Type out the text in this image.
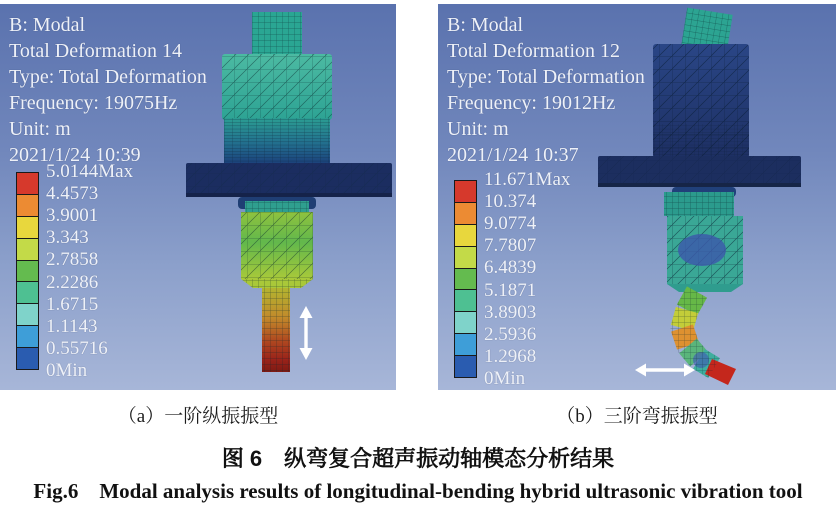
B: Modal
Total Deformation 14
Type: Total Deformation
Frequency: 19075Hz
Unit: m
2021/1/24 10:39
5.0144Max
4.4573
3.9001
3.343
2.7858
2.2286
1.6715
1.1143
0.55716
0Min
B: Modal
Total Deformation 12
Type: Total Deformation
Frequency: 19012Hz
Unit: m
2021/1/24 10:37
11.671Max
10.374
9.0774
7.7807
6.4839
5.1871
3.8903
2.5936
1.2968
0Min
（a）一阶纵振振型	（b）三阶弯振振型
图 6　纵弯复合超声振动轴模态分析结果
Fig.6　Modal analysis results of longitudinal-bending hybrid ultrasonic vibration tool
